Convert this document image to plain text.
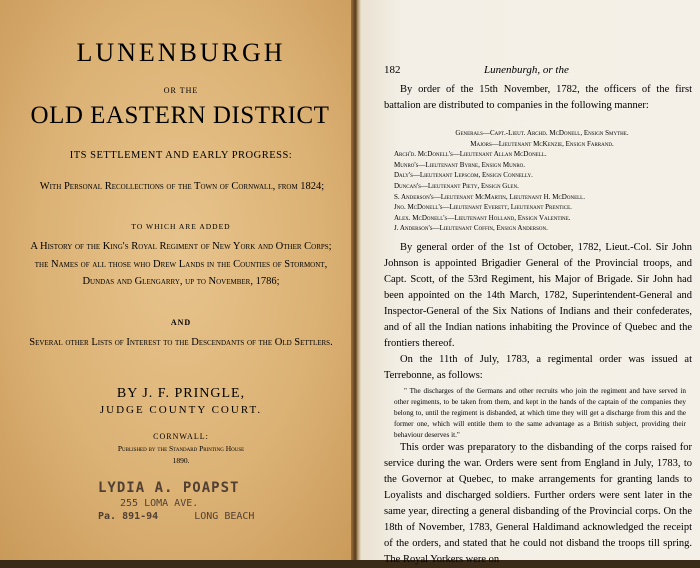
LUNENBURGH
OR THE
OLD EASTERN DISTRICT
ITS SETTLEMENT AND EARLY PROGRESS:
With Personal Recollections of the Town of Cornwall, from 1824;
TO WHICH ARE ADDED
A History of the King's Royal Regiment of New York and Other Corps; the Names of all those who Drew Lands in the Counties of Stormont, Dundas and Glengarry, up to November, 1786;
AND
Several other Lists of Interest to the Descendants of the Old Settlers.
BY J. F. PRINGLE,
JUDGE COUNTY COURT.
CORNWALL:
Published by the Standard Printing House
1890.
LYDIA A. POAPST
255 LOMA AVE.
Pa. 891-94	LONG BEACH
182	Lunenburgh, or the
By order of the 15th November, 1782, the officers of the first battalion are distributed to companies in the following manner:
Generals—Capt.-Lieut. Archd. McDonell, Ensign Smythe.
Majors—Lieutenant McKenzie, Ensign Farrand.
Arch'd. McDonell's—Lieutenant Allan McDonell.
Munro's—Lieutenant Byrne, Ensign Munro.
Daly's—Lieutenant Lepscom, Ensign Connelly.
Duncan's—Lieutenant Piety, Ensign Glen.
S. Anderson's—Lieutenant McMartin, Lieutenant H. McDonell.
Jno. McDonell's—Lieutenant Everett, Lieutenant Prentice.
Alex. McDonell's—Lieutenant Holland, Ensign Valentine.
J. Anderson's—Lieutenant Coffin, Ensign Anderson.
By general order of the 1st of October, 1782, Lieut.-Col. Sir John Johnson is appointed Brigadier General of the Provincial troops, and Capt. Scott, of the 53rd Regiment, his Major of Brigade. Sir John had been appointed on the 14th March, 1782, Superintendent-General and Inspector-General of the Six Nations of Indians and their confederates, and of all the Indian nations inhabiting the Province of Quebec and the frontiers thereof.
On the 11th of July, 1783, a regimental order was issued at Terrebonne, as follows:
" The discharges of the Germans and other recruits who join the regiment and have served in other regiments, to be taken from them, and kept in the hands of the captain of the companies they belong to, until the regiment is disbanded, at which time they will get a discharge from this and the former one, which will entitle them to the same advantage as a British subject, providing their behaviour deserves it."
This order was preparatory to the disbanding of the corps raised for service during the war. Orders were sent from England in July, 1783, to the Governor at Quebec, to make arrangements for granting lands to Loyalists and discharged soldiers. Further orders were sent later in the same year, directing a general disbanding of the Provincial corps. On the 18th of November, 1783, General Haldimand acknowledged the receipt of the orders, and stated that he could not disband the troops till spring. The Royal Yorkers were on
